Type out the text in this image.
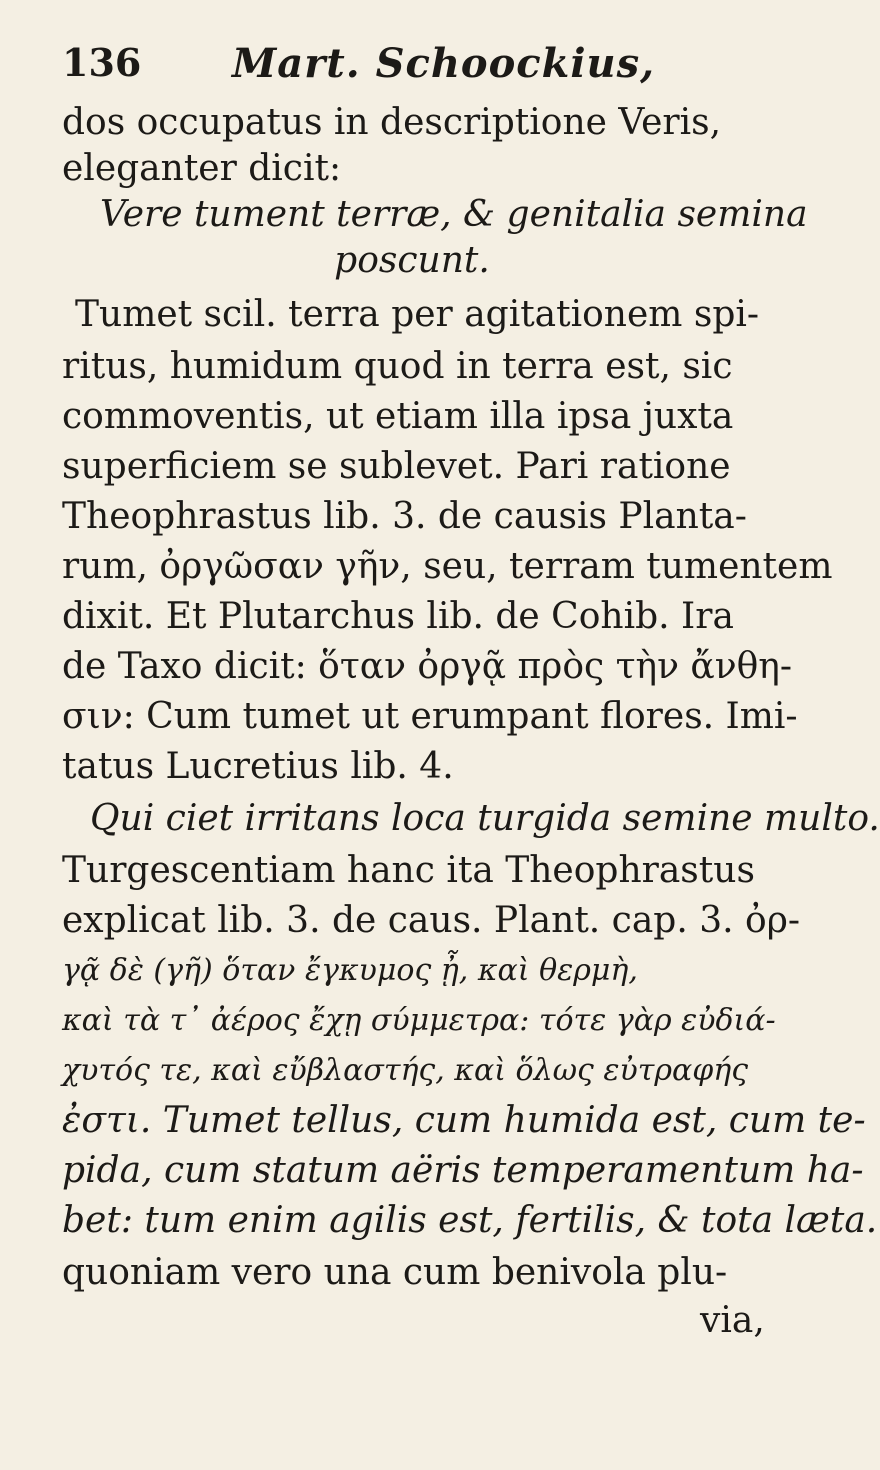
136 Mart. Schoockius,
dos occupatus in descriptione Veris,
eleganter dicit:
Vere tument terræ, & genitalia semina
poscunt.
Tumet scil. terra per agitationem spi-
ritus, humidum quod in terra est, sic
commoventis, ut etiam illa ipsa juxta
superficiem se sublevet. Pari ratione
Theophrastus lib. 3. de causis Planta-
rum, ὀργῶσαν γῆν, seu, terram tumentem
dixit. Et Plutarchus lib. de Cohib. Ira
de Taxo dicit: ὅταν ὀργᾷ πρὸς τὴν ἄνθη-
σιν: Cum tumet ut erumpant flores. Imi-
tatus Lucretius lib. 4.
Qui ciet irritans loca turgida semine multo.
Turgescentiam hanc ita Theophrastus
explicat lib. 3. de caus. Plant. cap. 3. ὀρ-
γᾷ δὲ (γῆ) ὅταν ἔγκυμος ᾖ, καὶ θερμὴ,
καὶ τὰ τ᾽ ἀέρος ἔχῃ σύμμετρα: τότε γὰρ εὐδιά-
χυτός τε, καὶ εὔβλαστής, καὶ ὅλως εὐτραφής
ἐστι. Tumet tellus, cum humida est, cum te-
pida, cum statum aëris temperamentum ha-
bet: tum enim agilis est, fertilis, & tota læta.
quoniam vero una cum benivola plu-
via,
